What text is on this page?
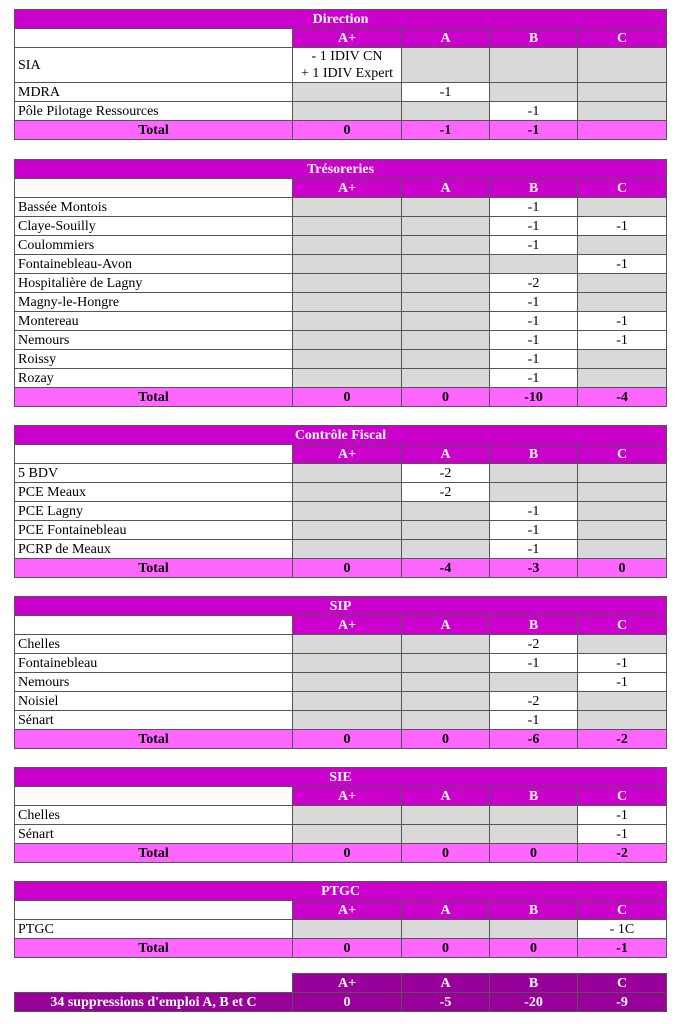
Direction				
	A+	A	B	C
SIA	- 1 IDIV CN
+ 1 IDIV Expert			

MDRA		-1		
Pôle Pilotage Ressources			-1	
Total	0	-1	-1	
Trésoreries				
	A+	A	B	C
Bassée Montois			-1	
Claye-Souilly			-1	-1
Coulommiers			-1	
Fontainebleau-Avon				-1
Hospitalière de Lagny			-2	
Magny-le-Hongre			-1	
Montereau			-1	-1
Nemours			-1	-1
Roissy			-1	
Rozay			-1	
Total	0	0	-10	-4
Contrôle Fiscal				
	A+	A	B	C
5 BDV		-2		
PCE Meaux		-2		
PCE Lagny			-1	
PCE Fontainebleau			-1	
PCRP de Meaux			-1	
Total	0	-4	-3	0
SIP				
	A+	A	B	C
Chelles			-2	
Fontainebleau			-1	-1
Nemours				-1
Noisiel			-2	
Sénart			-1	
Total	0	0	-6	-2
SIE				
	A+	A	B	C
Chelles				-1
Sénart				-1
Total	0	0	0	-2
PTGC				
	A+	A	B	C
PTGC				- 1C
Total	0	0	0	-1
	A+	A	B	C
34 suppressions d'emploi A, B et C	0	-5	-20	-9
